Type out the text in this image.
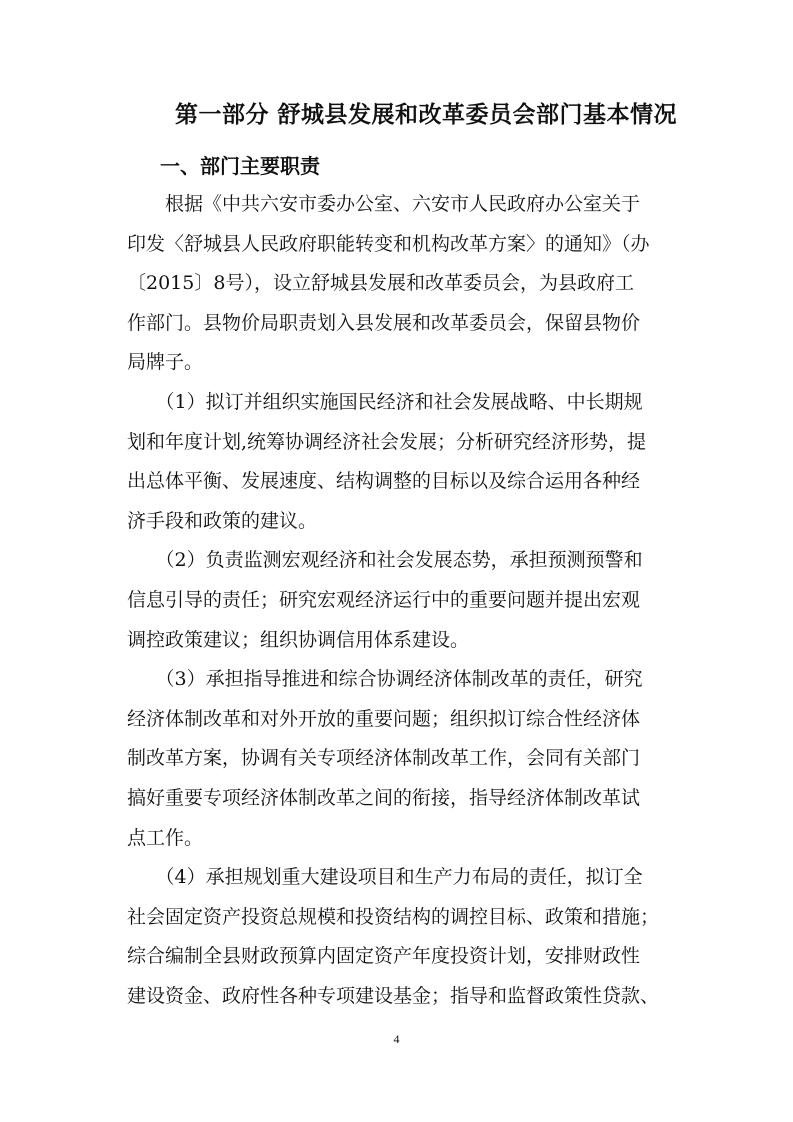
第一部分 舒城县发展和改革委员会部门基本情况
一、部门主要职责

　　根据《中共六安市委办公室、六安市人民政府办公室关于
印发〈舒城县人民政府职能转变和机构改革方案〉的通知》（办
〔2015〕8号），设立舒城县发展和改革委员会，为县政府工
作部门。县物价局职责划入县发展和改革委员会，保留县物价
局牌子。

　　（1）拟订并组织实施国民经济和社会发展战略、中长期规
划和年度计划,统筹协调经济社会发展；分析研究经济形势，提
出总体平衡、发展速度、结构调整的目标以及综合运用各种经
济手段和政策的建议。

　　（2）负责监测宏观经济和社会发展态势，承担预测预警和
信息引导的责任；研究宏观经济运行中的重要问题并提出宏观
调控政策建议；组织协调信用体系建设。

　　（3）承担指导推进和综合协调经济体制改革的责任，研究
经济体制改革和对外开放的重要问题；组织拟订综合性经济体
制改革方案，协调有关专项经济体制改革工作，会同有关部门
搞好重要专项经济体制改革之间的衔接，指导经济体制改革试
点工作。

　　（4）承担规划重大建设项目和生产力布局的责任，拟订全
社会固定资产投资总规模和投资结构的调控目标、政策和措施；
综合编制全县财政预算内固定资产年度投资计划，安排财政性
建设资金、政府性各种专项建设基金；指导和监督政策性贷款、

4
